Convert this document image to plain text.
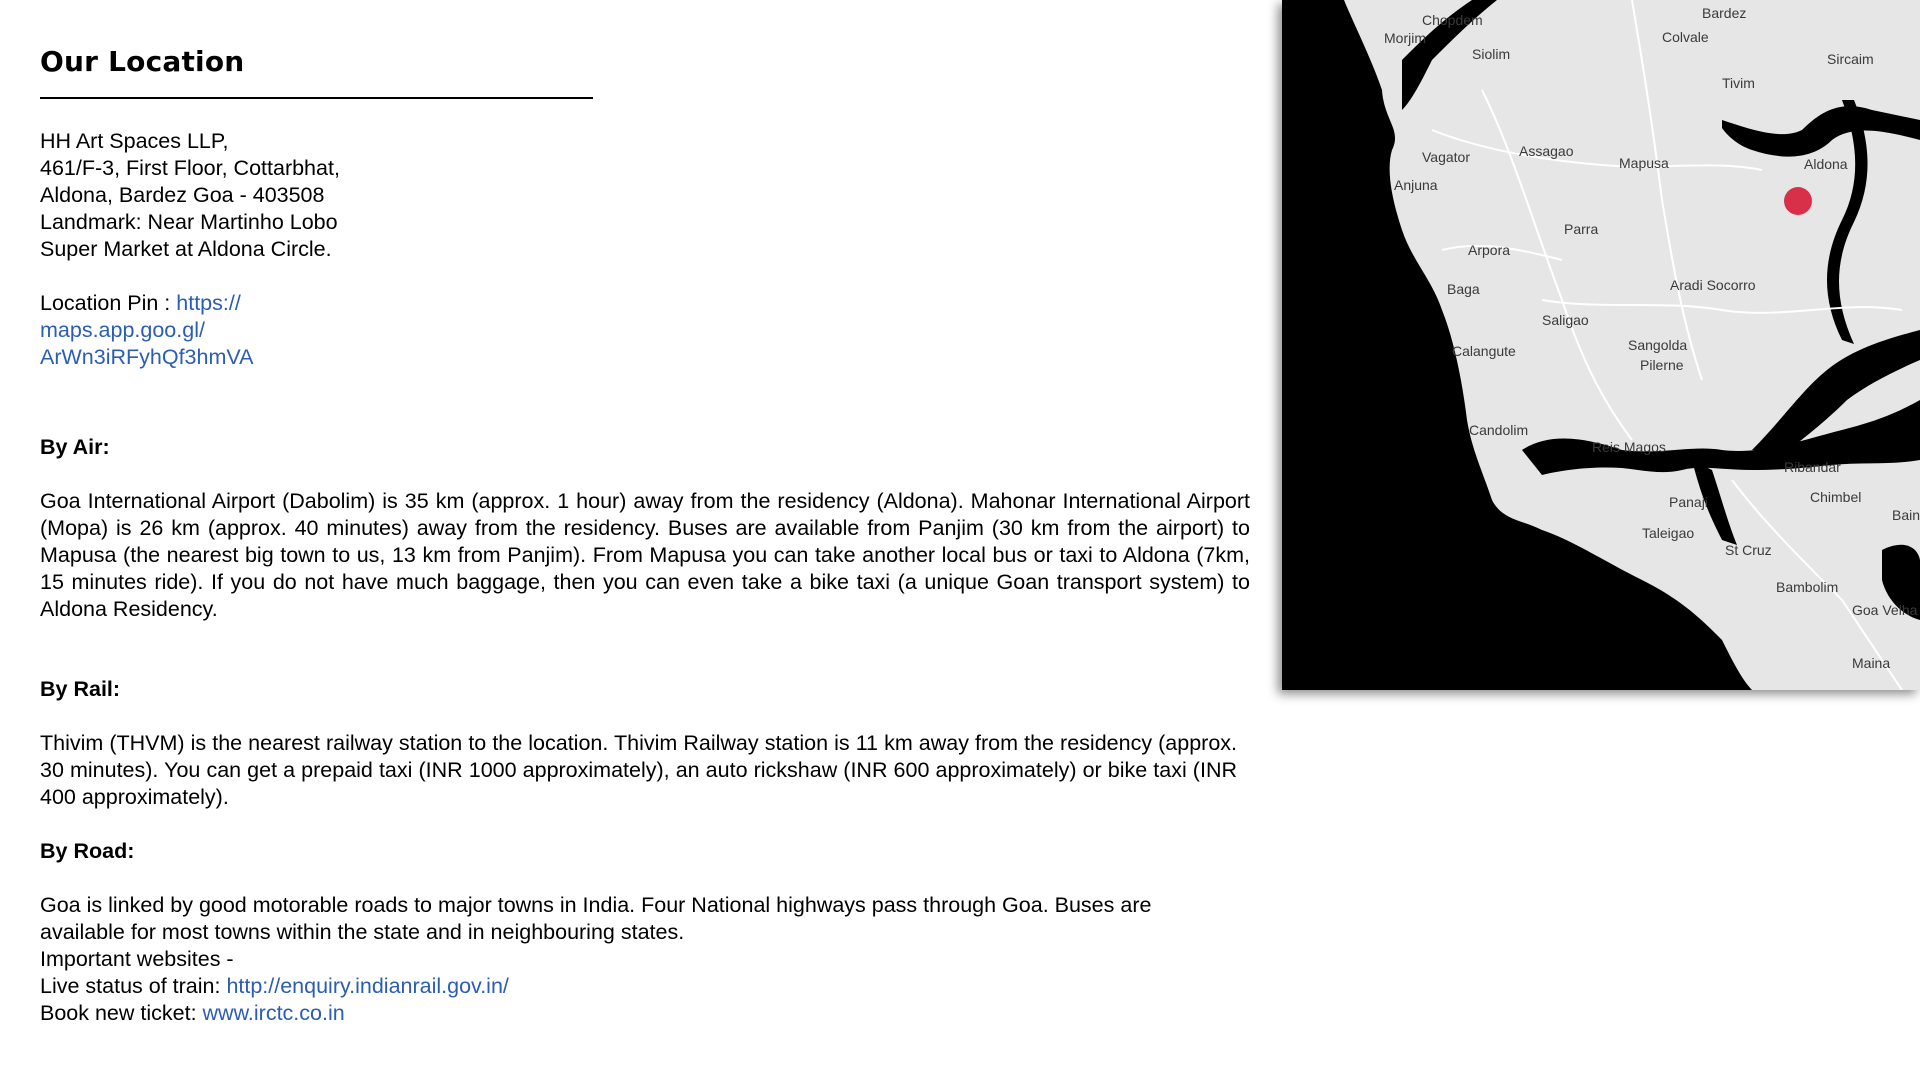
Our Location
HH Art Spaces LLP,
461/F-3, First Floor, Cottarbhat,
Aldona, Bardez Goa - 403508
Landmark: Near Martinho Lobo
Super Market at Aldona Circle.
Location Pin : https://
maps.app.goo.gl/
ArWn3iRFyhQf3hmVA
By Air:

Goa International Airport (Dabolim) is 35 km (approx. 1 hour) away from the residency (Aldona). Mahonar International Airport (Mopa) is 26 km (approx. 40 minutes) away from the residency. Buses are available from Panjim (30 km from the airport) to Mapusa (the nearest big town to us, 13 km from Panjim). From Mapusa you can take another local bus or taxi to Aldona (7km, 15 minutes ride). If you do not have much baggage, then you can even take a bike taxi (a unique Goan transport system) to Aldona Residency.

By Rail:

Thivim (THVM) is the nearest railway station to the location. Thivim Railway station is 11 km away from the residency (approx. 30 minutes). You can get a prepaid taxi (INR 1000 approximately), an auto rickshaw (INR 600 approximately) or bike taxi (INR 400 approximately).

By Road:
Goa is linked by good motorable roads to major towns in India. Four National highways pass through Goa. Buses are
available for most towns within the state and in neighbouring states.
Important websites -
Live status of train: http://enquiry.indianrail.gov.in/
Book new ticket: www.irctc.co.in
Chopdem
Morjim
Siolim
Bardez
Colvale
Sircaim
Tivim
Vagator	Assagao
Mapusa	Aldona
Anjuna
Parra
Arpora
Baga	Aradi Socorro
Saligao
Calangute	Sangolda
Pilerne
Candolim
Reis Magos
Ribandar
Chimbel
Panaji
Taleigao
St Cruz
Bambolim
Goa Velha
Maina
Bain
